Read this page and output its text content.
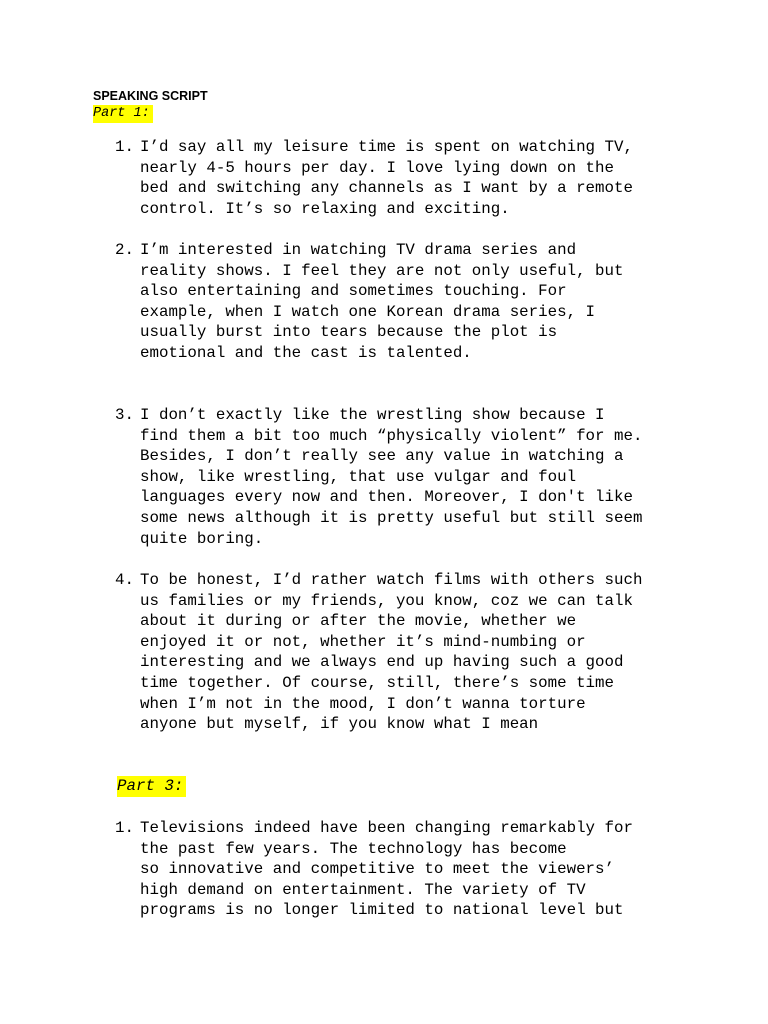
SPEAKING SCRIPT
Part 1:
1. I’d say all my leisure time is spent on watching TV,
nearly 4-5 hours per day. I love lying down on the
bed and switching any channels as I want by a remote
control. It’s so relaxing and exciting.
2. I’m interested in watching TV drama series and
reality shows. I feel they are not only useful, but
also entertaining and sometimes touching. For
example, when I watch one Korean drama series, I
usually burst into tears because the plot is
emotional and the cast is talented.
3. I don’t exactly like the wrestling show because I
find them a bit too much “physically violent” for me.
Besides, I don’t really see any value in watching a
show, like wrestling, that use vulgar and foul
languages every now and then. Moreover, I don't like
some news although it is pretty useful but still seem
quite boring.
4. To be honest, I’d rather watch films with others such
us families or my friends, you know, coz we can talk
about it during or after the movie, whether we
enjoyed it or not, whether it’s mind-numbing or
interesting and we always end up having such a good
time together. Of course, still, there’s some time
when I’m not in the mood, I don’t wanna torture
anyone but myself, if you know what I mean
Part 3:
1. Televisions indeed have been changing remarkably for
the past few years. The technology has become
so innovative and competitive to meet the viewers’
high demand on entertainment. The variety of TV
programs is no longer limited to national level but
